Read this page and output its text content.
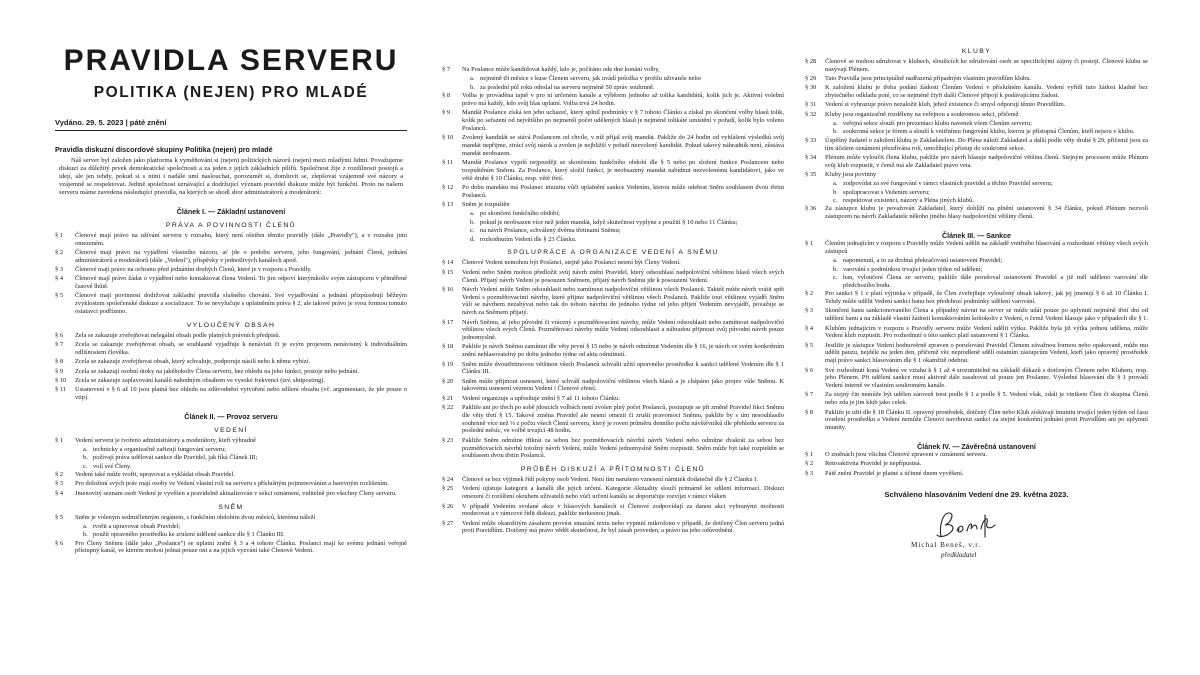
PRAVIDLA SERVERU
POLITIKA (NEJEN) PRO MLADÉ
Vydáno. 29. 5. 2023 | páté znění
Pravidla diskuzní discordové skupiny Politika (nejen) pro mladé
Náš server byl založen jako platforma k vyměňování si (nejen) politických názorů (nejen) mezi mladými lidmi. Považujeme diskuzi za důležitý prvek demokratické společnosti a za jeden z jejích základních pilířů. Společnost žije z rozdílnosti postojů a idejí, ale jen tehdy, pokud si s nimi i nadále umí naslouchat, porozumět si, domluvit se, zlepšovat vzájemně své názory a vzájemně se respektovat. Jedině společnost uznávající a dodržující význam pravidel diskuze může být funkční. Proto na našem serveru máme zavedena následující pravidla, na kterých se shodl sbor administrátorů a moderátorů:
Článek I. — Základní ustanovení
PRÁVA A POVINNOSTI ČLENŮ
§ 1	Členové mají právo na užívání serveru v rozsahu, který není ošetřen těmito pravidly (dále „Pravidly"), a v rozsahu jimi omezeném.
§ 2	Členové mají právo na vyjádření vlastního názoru, ať jde o podobu serveru, jeho fungování, jednání Členů, jednání administrátorů a moderátorů (dále „Vedení"), příspěvky v jednotlivých kanálech apod.
§ 3	Členové mají právo na ochranu před jednáním druhých Členů, které je v rozporu s Pravidly.
§ 4	Členové mají právo žádat o vyjádření nebo kontaktovat člena Vedení. To jim odpoví kterýmkoliv svým zástupcem v přiměřené časové lhůtě.
§ 5	Členové mají povinnost dodržovat základní pravidla slušného chování. Své vyjadřování a jednání přizpůsobují běžným zvyklostem společenské diskuze a socializace. To se nevylučuje s uplatněním práva § 2, ale takové právo je svou formou tomuto ostatavci podřízeno.
VYLOUČENÝ OBSAH
§ 6	Zela se zakazuje zveřejňovat nelegální obsah podle platných právních předpisů.
§ 7	Zcela se zakazuje zveřejňovat obsah, se souhlasně vyjadřuje k nenávisti či je svým projevem nenávistný k individuálním odlišnostem člověka.
§ 8	Zcela se zakazuje zveřejňovat obsah, který schvaluje, podporuje násilí nebo k němu vybízí.
§ 9	Zcela se zakazují osobní útoky na jakéhokoliv Člena serveru, bez ohledu na jeho funkci, postoje nebo jednání.
§ 10	Zcela se zakazuje zaplavování kanálů nahodným obsahem ve vysoké frekvenci (tzv. shitposting).
§ 11	Ustanovení v § 6 až 10 jsou platná bez ohledu na zdůvodnění vytvoření nebo sdílení obsahu (vč. argumentaci, že jde pouze o vtip).
Článek II. — Provoz serveru
VEDENÍ
§ 1	Vedení serveru je tvořeno administrátory a moderátory, kteří výhradně
a. technicky a organizačně zařizují fungování serveru;
b. požívají práva udělovat sankce dle Pravidel, jak říká Článek III;
c. volí své Členy.
§ 2	Vedení také může tvořit, upravovat a vykládat obsah Pravidel.
§ 3	Pro doložení svých práv mají osoby ve Vedení vlastní roli na serveru s příslušným pojmenováním a barevným rozlišením.
§ 4	Jmenovitý seznam osob Vedení je vyvěšen a pravidelně aktualizován v sekci oznámení, viditelně pro všechny Členy serveru.
SNĚM
§ 5	Sněm je voleným sedmičlenným orgánem, s funkčním obdobím dvou měsíců, kterému náleží
a. tvořit a upravovat obsah Pravidel;
b. použít opravného prostředku ke zrušení udělené sankce dle § 1 Článku III.
§ 6	Pro Členy Sněmu (dále jako „Poslance") se uplatní znění § 3 a 4 tohoto Článku. Poslanci mají ke svému jednání veřejně přístupný kanál, ve kterém mohou jednat pouze oni a na jejich vyzvání také Členové Vedení.
§ 7	Na Poslance může kandidovat každý, kdo je, počítáno ode dne konání volby,
a. nejméně tři měsíce v kuse Členem serveru, jak uvádí položka v profilu uživatele nebo
b. za poslední půl roku odeslal na serveru nejméně 50 zpráv souhrnně.
§ 8	Volba je prováděna tajně v pro ni určeném kanále a výběrem jednoho až tolika kandidátů, kolik jich je. Aktivní volební právo má každý, kdo svůj hlas uplatní. Volba trvá 24 hodin.
§ 9	Mandát Poslance získá ten jeho uchazeč, který splnil podmínky v § 7 tohoto Článku a získal po skončení volby hlasů tolik, kolik po seřazení od největšího po nejmenší počet udělených hlasů je nejméně tolikáté umístění v pořadí, kolik bylo voleno Poslanců.
§ 10	Zvolený kandidát se stává Poslancem od chvíle, v níž přijal svůj mandát. Pakliže do 24 hodin od vyhlášení výsledků svůj mandát nepřijme, ztrácí svůj nárok a zvolen je nejbližší v pořadí nezvolený kandidát. Pokud takový náhradník není, zůstává mandát neobsazen.
§ 11	Mandát Poslance vyprší nejpozději se skončením funkčního období dle § 5 nebo po složení funkce Poslancem nebo rozpuštěním Sněmu. Za Poslance, který složil funkci, je neobsazený mandát nabídnut nezvolenému kandidátovi, jako ve větě druhé § 10 Článku, resp. větě třetí.
§ 12	Po dobu mandátu má Poslanec imunitu vůči uplatnění sankce Vedením, kterou může odebrat Sněm souhlasem dvou třetin Poslanců.
§ 13	Sněm je rozpuštěn
a. po skončení funkčního období;
b. pokud je neobsazen více než jeden mandát, když skutečnost vyplyne z použití § 10 nebo 11 Článku;
c. na návrh Poslance, schválený dvěma třetinami Sněmu;
d. rozhodnutím Vedení dle § 23 Článku.
SPOLUPRÁCE A ORGANIZACE VEDENÍ A SNĚMU
§ 14	Členové Vedení nemohou být Poslanci, stejně jako Poslanci nesmí být Členy Vedení.
§ 15	Vedení nebo Sněm mohou předložit svůj návrh znění Pravidel, který odsouhlasí nadpoloviční většinou hlasů všech svých Členů. Přijatý návrh Vedení je posouzen Sněmem, přijatý návrh Sněmu jde k posouzení Vedení.
§ 16	Návrh Vedení může Sněm odsouhlasit nebo zamítnout nadpoloviční většinou všech Poslanců. Taktéž může návrh vrátit spět Vedení s pozměňovacími návrhy, které přijme nadpoloviční většinou všech Poslanců. Pakliže tout většinou vyjádří Sněm vůli se návrhem nezabývat nebo tak do tohoto návrhu do jednoho týdne od jeho přijetí Vedením nevyjádří, považuje se návrh za Sněmem přijatý.
§ 17	Návrh Sněmu, ať jeho původní či vrácený s pozměňovacími návrhy, může Vedení odsouhlasit nebo zamítnout nadpoloviční většinou všech svých Členů. Pozměňovací návrhy může Vedení odsouhlasit a náhradou přijmout svůj původní návrh pouze jednomyslně.
§ 18	Pakliže je návrh Sněmu zamítnut dle věty první § 15 nebo je návrh odmítnut Vedením dle § 16, je návrh ve svém konkrétním znění nehlasovatelný po dobu jednoho týdne od aktu odmítnutí.
§ 19	Sněm může dvoutřetinovou většinou všech Poslanců schválit užití opravného prostředku k sankci udělené Vedením dle § 1 Článku III.
§ 20	Sněm může přijmout usnesení, které schválí nadpoloviční většinou všech hlasů a je chápáno jako projev vůle Sněmu. K takovému usnesení vezmou Vedení i Členové zřetel.
§ 21	Vedení organizuje a upřesňuje znění § 7 až 11 tohoto Článku.
§ 22	Pakliže ani po třech po sobě jdoucích volbách není zvolen plný počet Poslanců, postupuje se při změně Pravidel fikcí Sněmu dle věty třetí § 15. Takové změna Pravidel ale nesmí omezit či zrušit pravomoci Sněmu, pakliže by s tím nesouhlasilo souhrnně více než ⅓ z počtu všech Členů serveru, který je roven průměru denního počtu návštěvníků dle přehledu serveru za poslední měsíc, ve volbě trvající 48 hodin.
§ 23	Pakliže Sněm odmítne třikrát za sebou bez pozměňovacích návrhů návrh Vedení nebo odmítne dvakrát za sebou bez pozměňovacích návrhů totožný návrh Vedení, může Vedení jednomyslně Sněm rozpustit. Sněm může být také rozpuštěn se souhlasem dvou třetin Poslanců.
PRŮBĚH DISKUZÍ A PŘÍTOMNOSTI ČLENŮ
§ 24	Členové se bez výjimek řídí pokyny osob Vedení. Není tím narušeno vznesení námitek dodatečně dle § 2 Článku I.
§ 25	Vedení ujístuje kategorii a kanálů dle jejich určení. Kategorie Aktuality slouží primárně ke sdílení informací. Diskuzi omezení či rozšíření okruhem uživatelů nebo vůči určení kanálu se doporučuje rozvíjet v rámci vláken
§ 26	V případě Vedením svolané akce v hlasových kanálech si Členové zodpovídají za danou akci vybranými možnosti moderovat a v rámcové řídit diskuzi, pakliže nerkesnou jinak.
§ 27	Vedení může okamžitým zásahem provést smazání textu nebo vypnutí mikrofonu v případě, že dotčený Člen serveru jedná proti Pravidlům. Dotčený má právo vědět skutečnost, že byl zásah proveden, a právo na jeho odůvodnění.
KLUBY
§ 28	Členové se mohou sdružovat v klubech, sloužících ke sdružování osob se specifickými zájmy či postoji. Členové klubu se nazývají Plénem.
§ 29	Tato Pravidla jsou principiálně nadřazená případným vlastním pravidlům klubu.
§ 30	K založení klubu je třeba podání žádosti Členům Vedení v příslušném kanálu. Vedení vyřídí tuto žádost kladně bez zbytečného odkladu poté, co se nejméně čtyři další Členové připojí k podávajícímu žádost.
§ 31	Vedení si vyhrazuje právo nezaložit klub, jehož existence či smysl odporují těmto Pravidlům.
§ 32	Kluby jsou organizačně rozděleny na veřejnou a soukromou sekci, přičemž
a. veřejná sekce slouží pro prezentaci klubu navenek všem Členům serveru;
b. soukromá sekce je fórem a slouží k vnitřnímu fungování klubu, kterou je přístupná Členům, kteří nejsou v klubu.
§ 33	Úspěšný žadatel o založení klubu je Zakladatelem. Do Pléna náleží Zakladatel a další podle věty druhé § 29, přičemž jsou za tím účelem oznámení přezdívána rolí, umožňující přístup do soukromé sekce.
§ 34	Plénum může vyloučit člena klubu, pakliže pro návrh hlasuje nadpoloviční většina členů. Stejným procesem může Plénum svůj klub rozpustit, v čemž má ale Zakladatel právo veta.
§ 35	Kluby jsou povinny
a. zodpovídat za své fungování v rámci vlastních pravidel a těchto Pravidel serveru;
b. spolupracovat s Vedením serveru;
c. respektovat existenci, názory a Pléna jiných klubů.
§ 36	Za zástupce klubu je považován Zakladatel, který dohlíží na plnění ustanovení § 34 článku, pokud Plénum nezvolí zástupcem na návrh Zakladatele někoho jiného hlasy nadpoloviční většiny členů.
Článek III. — Sankce
§ 1	Členům jednajícím v rozporu s Pravidly může Vedení udělit na základě vnitřního hlasování a rozhodnutí většiny všech svých zástupců
a. napomenutí, a to za drobná překračování ustanovení Pravidel;
b. varování s podmínkou trvající jeden týden od udělení;
c. ban, vyloučení Člena ze serveru, pakliže dále porušoval ustanovení Pravidel a již měl uděleno varování dle předchozího bodu.
§ 2	Pro sankci § 1 c platí výjimka v případě, že Člen zveřejňuje vyloučený obsah takový, jak jej jmenují § 6 až 10 Článku I. Tehdy může udělit Vedení sankci banu bez předchozí podmínky udělení varování.
§ 3	Skončení banu sankcionovaného Člena a případný návrat na server se může udát pouze po uplynutí nejméně třetí dní od udělení banu a na základě vlastní žádosti kontaktováním kohokoliv z Vedení, o čemž Vedení hlasuje jako v případech dle § 1.
§ 4	Klubům jednajícím v rozporu s Pravidly serveru může Vedení udělit výtku. Pakliže byla již výtka jednou udělena, může Vedení klub rozpustit. Pro rozhodnutí o této sankci platí ustanovení § 1 Článku.
§ 5	Jestliže je zástupce Vedení hodnověrně zpraven o porušování Pravidel Členem závažnou formou nebo opakovaně, může mu udělit pauzu, nejdéle na jeden den, přičemž věc neprodleně sdělí ostatním zástupcům Vedení, kteří jako opravný prostředek mají právo sankci hlasováním dle § 1 okamžitě odebrat.
§ 6	Své rozhodnutí koná Vedení ve vztahu k § 1 až 4 srozumitelně na základě důkazů s dotčeným Členem nebo Klubem, resp. jeho Plénem. Při udělení sankce musí aktivně dále zasahovat už pouze jen Poslanec. Výsledné hlasování dle § 1 provádí Vedení interně ve vlastním soukromém kanále.
§ 7	Za stejný čin nemůže být udělen zároveň trest podle § 1 a podle § 5. Vedení však, zdali je vinikem Člen či skupina Členů nebo zda je jim klub jako celek.
§ 8	Pakliže je užit dle § 18 Článku II. opravný prostředek, dotčený Člen nebo Klub získávají imunitu trvající jeden týden od času uvedení prostředku a Vedení nemůže Členovi navrhnout sankci za stejné konkrétní jednání proti Pravidlům ani po uplynutí imunity.
Článek IV. — Závěrečná ustanovení
§ 1	O změnách jsou všichni Členové zpraveni v oznámení serveru.
§ 2	Retroaktivita Pravidel je nepřípustná.
§ 3	Pátě znění Pravidel je platné a účinné dnem vyvěšení.
Schváleno hlasováním Vedení dne 29. května 2023.
Michal Beneš, v.r.
předkladatel
